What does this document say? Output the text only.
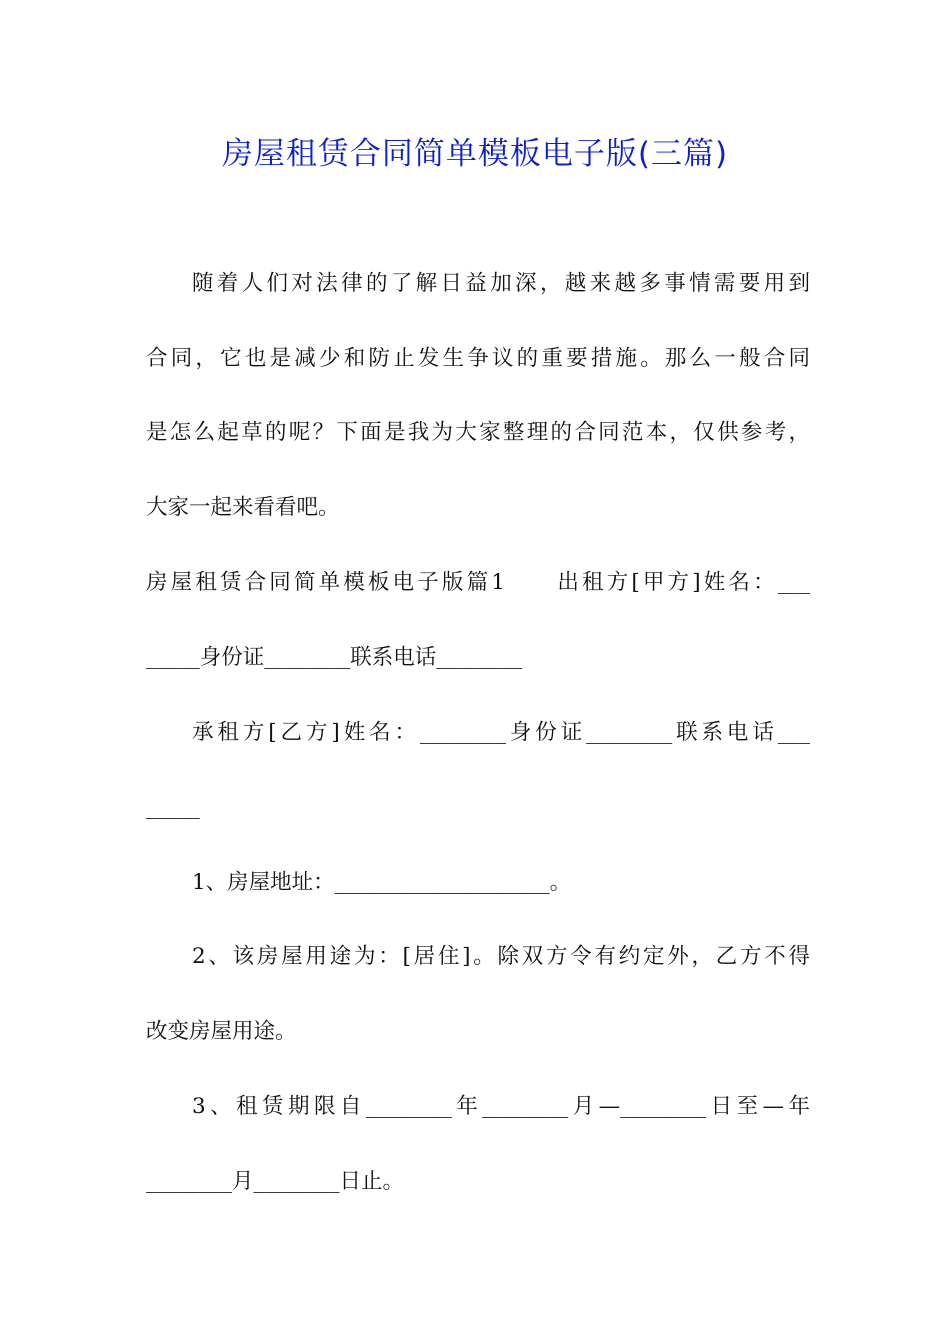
房屋租赁合同简单模板电子版(三篇)
随着人们对法律的了解日益加深，越来越多事情需要用到
合同，它也是减少和防止发生争议的重要措施。那么一般合同
是怎么起草的呢？下面是我为大家整理的合同范本，仅供参考，
大家一起来看看吧。
房屋租赁合同简单模板电子版篇1　　出租方[甲方]姓名：___
_____身份证________联系电话________
承租方[乙方]姓名：________身份证________联系电话___
_____
1、房屋地址：____________________。
2、该房屋用途为：[居住]。除双方令有约定外，乙方不得
改变房屋用途。
3、租赁期限自________年________月—________日至—年
________月________日止。
